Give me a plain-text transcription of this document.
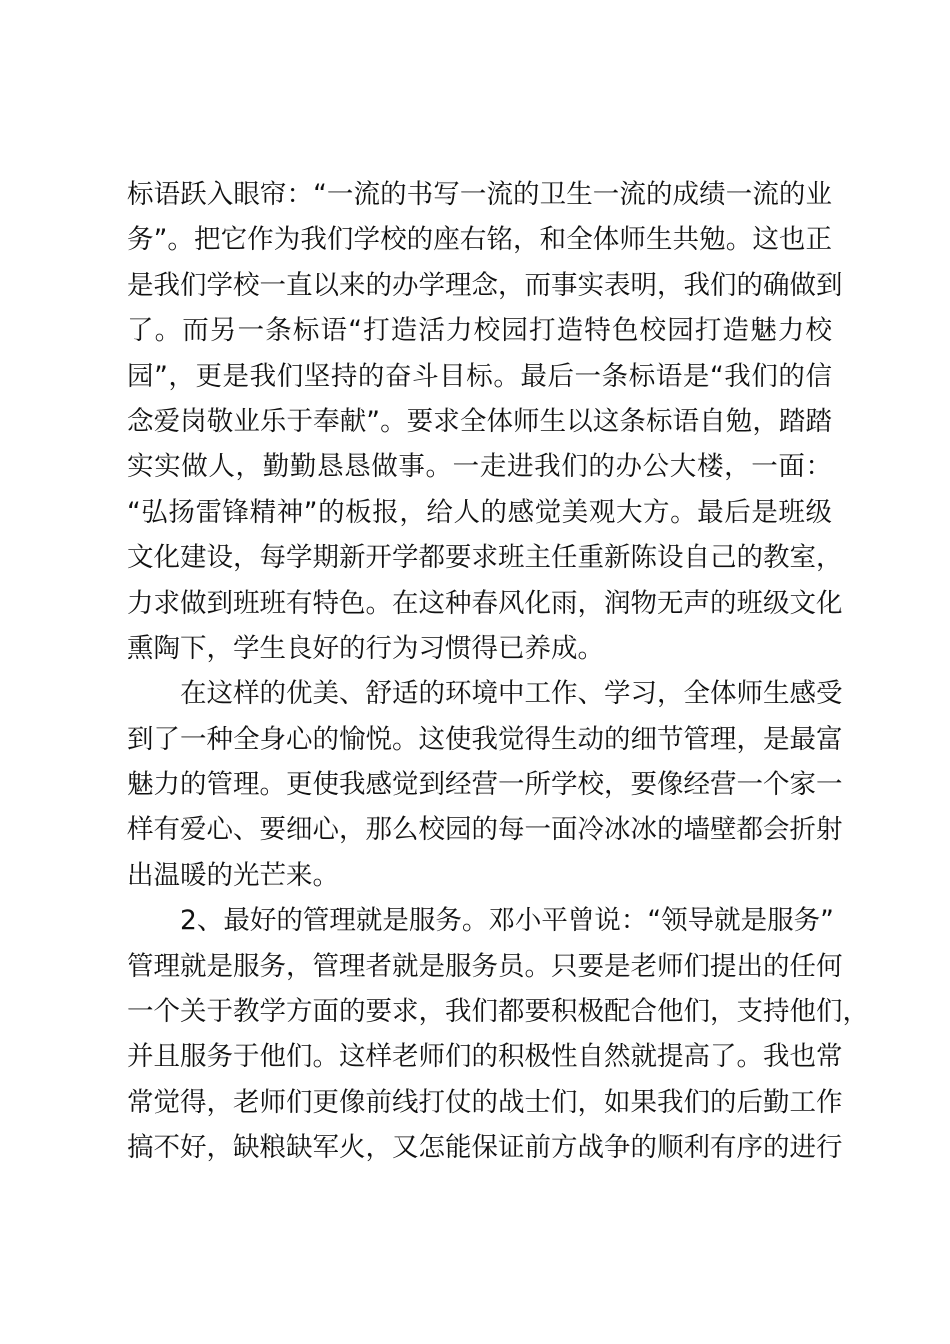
标语跃入眼帘：“一流的书写一流的卫生一流的成绩一流的业
务”。把它作为我们学校的座右铭，和全体师生共勉。这也正
是我们学校一直以来的办学理念，而事实表明，我们的确做到
了。而另一条标语“打造活力校园打造特色校园打造魅力校
园”，更是我们坚持的奋斗目标。最后一条标语是“我们的信
念爱岗敬业乐于奉献”。要求全体师生以这条标语自勉，踏踏
实实做人，勤勤恳恳做事。一走进我们的办公大楼，一面：
“弘扬雷锋精神”的板报，给人的感觉美观大方。最后是班级
文化建设，每学期新开学都要求班主任重新陈设自己的教室，
力求做到班班有特色。在这种春风化雨，润物无声的班级文化
熏陶下，学生良好的行为习惯得已养成。
在这样的优美、舒适的环境中工作、学习，全体师生感受
到了一种全身心的愉悦。这使我觉得生动的细节管理，是最富
魅力的管理。更使我感觉到经营一所学校，要像经营一个家一
样有爱心、要细心，那么校园的每一面冷冰冰的墙壁都会折射
出温暖的光芒来。
2、最好的管理就是服务。邓小平曾说：“领导就是服务”
管理就是服务，管理者就是服务员。只要是老师们提出的任何
一个关于教学方面的要求，我们都要积极配合他们，支持他们，
并且服务于他们。这样老师们的积极性自然就提高了。我也常
常觉得，老师们更像前线打仗的战士们，如果我们的后勤工作
搞不好，缺粮缺军火，又怎能保证前方战争的顺利有序的进行
